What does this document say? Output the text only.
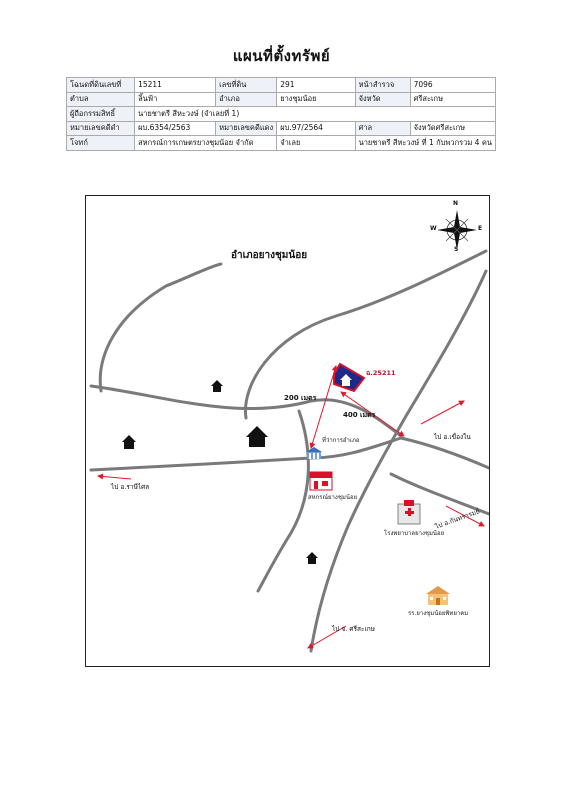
แผนที่ตั้งทรัพย์
โฉนดที่ดินเลขที่	15211	เลขที่ดิน	291	หน้าสำรวจ	7096
ตำบล	ลิ้นฟ้า	อำเภอ	ยางชุมน้อย	จังหวัด	ศรีสะเกษ
ผู้ถือกรรมสิทธิ์	นายชาตรี สีหะวงษ์ (จำเลยที่ 1)				
หมายเลขคดีดำ	ผบ.6354/2563	หมายเลขคดีแดง	ผบ.97/2564	ศาล	จังหวัดศรีสะเกษ
โจทก์	สหกรณ์การเกษตรยางชุมน้อย จำกัด		จำเลย	นายชาตรี สีหะวงษ์ ที่ 1 กับพวกรวม 4 คน	
N
S
E
W
อำเภอยางชุมน้อย
ฉ.25211
200 เมตร
400 เมตร
ที่ว่าการอำเภอ
สหกรณ์ยางชุมน้อย
โรงพยาบาลยางชุมน้อย
รร.ยางชุมน้อยพิทยาคม
ไป อ.ราษีไศล
ไป อ.เขื่องใน
ไป อ.กันทรารมย์
ไป จ. ศรีสะเกษ
